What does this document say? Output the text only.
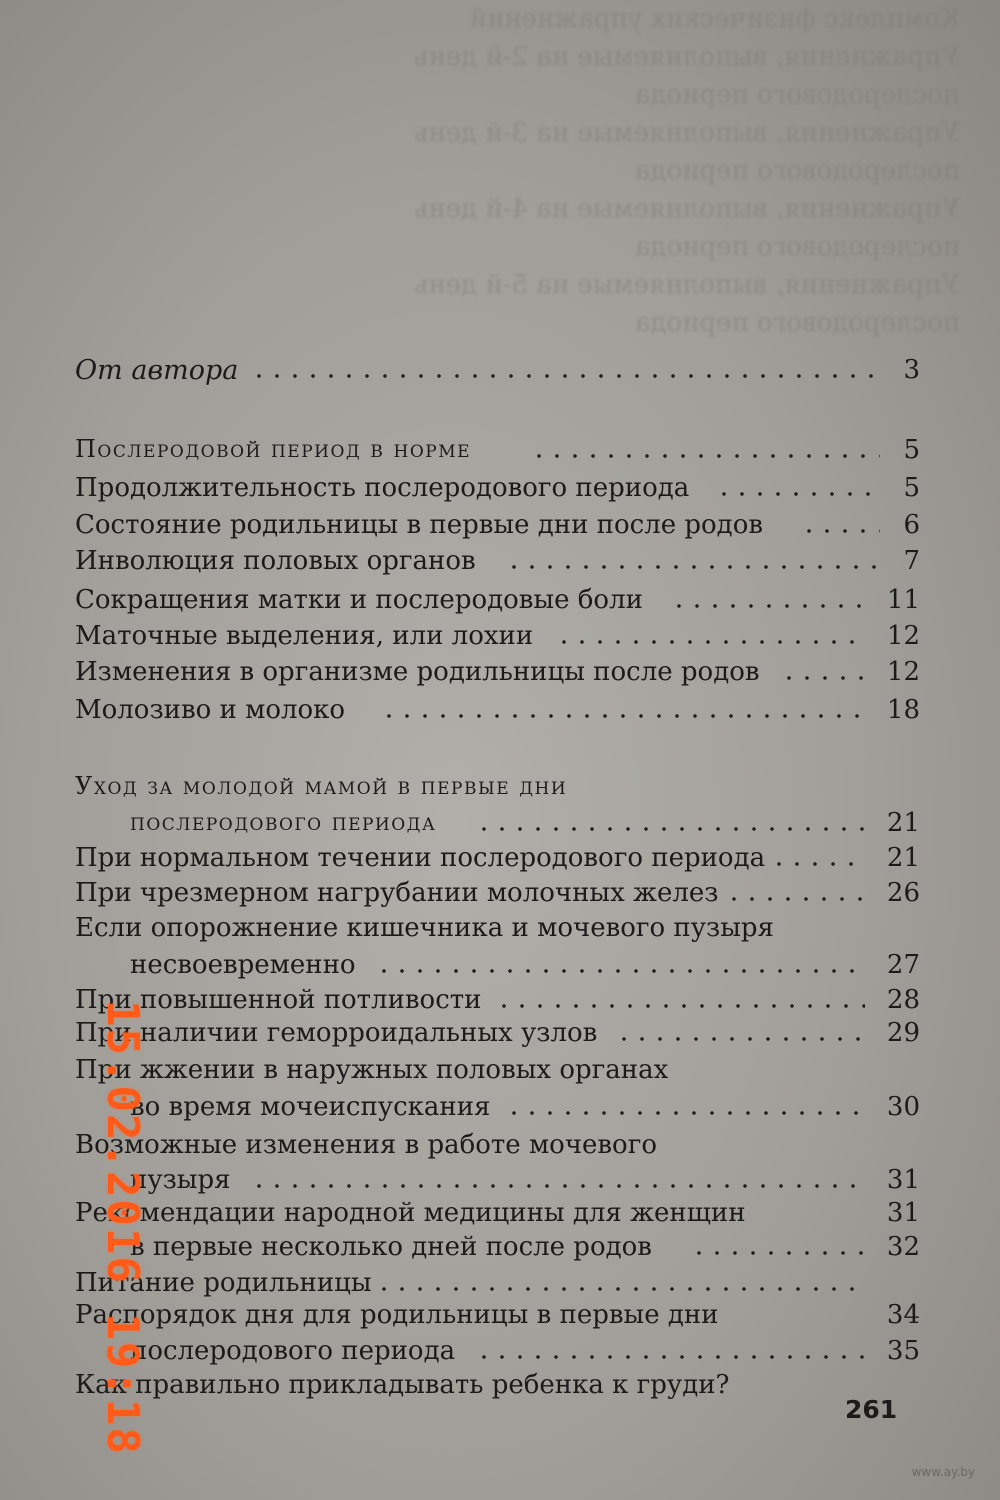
Комплекс физических упражнений
Упражнения, выполняемые на 2-й день
послеродового периода
Упражнения, выполняемые на 3-й день
послеродового периода
Упражнения, выполняемые на 4-й день
послеродового периода
Упражнения, выполняемые на 5-й день
послеродового периода
От автора	3
Послеродовой период в норме	5
Продолжительность послеродового периода	5
Состояние родильницы в первые дни после родов	6
Инволюция половых органов	7
Сокращения матки и послеродовые боли	11
Маточные выделения, или лохии	12
Изменения в организме родильницы после родов	12
Молозиво и молоко	18
Уход за молодой мамой в первые дни
послеродового периода	21
При нормальном течении послеродового периода	21
При чрезмерном нагрубании молочных желез	26
Если опорожнение кишечника и мочевого пузыря
несвоевременно	27
При повышенной потливости	28
При наличии геморроидальных узлов	29
При жжении в наружных половых органах
во время мочеиспускания	30
Возможные изменения в работе мочевого
пузыря	31
Рекомендации народной медицины для женщин	31
в первые несколько дней после родов	32
Питание родильницы
Распорядок дня для родильницы в первые дни	34
послеродового периода	35
Как правильно прикладывать ребенка к груди?
261
15.02.2016 19:18
www.ay.by
